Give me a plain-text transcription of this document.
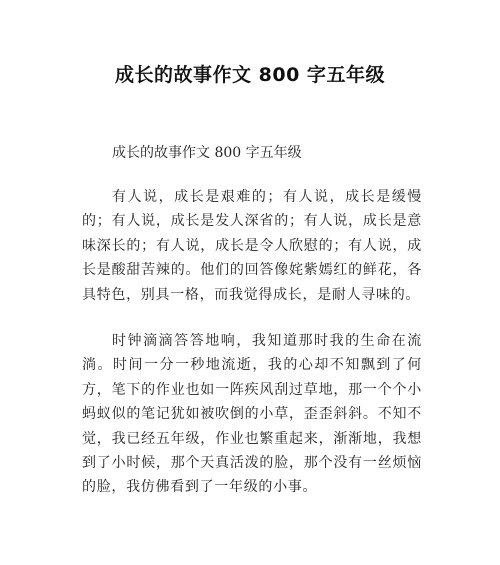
成长的故事作文 800 字五年级

成长的故事作文 800 字五年级

有人说，成长是艰难的；有人说，成长是缓慢的；有人说，成长是发人深省的；有人说，成长是意味深长的；有人说，成长是令人欣慰的；有人说，成长是酸甜苦辣的。他们的回答像姹紫嫣红的鲜花，各具特色，别具一格，而我觉得成长，是耐人寻味的。

时钟滴滴答答地响，我知道那时我的生命在流淌。时间一分一秒地流逝，我的心却不知飘到了何方，笔下的作业也如一阵疾风刮过草地，那一个个小蚂蚁似的笔记犹如被吹倒的小草，歪歪斜斜。不知不觉，我已经五年级，作业也繁重起来，渐渐地，我想到了小时候，那个天真活泼的脸，那个没有一丝烦恼的脸，我仿佛看到了一年级的小事。
